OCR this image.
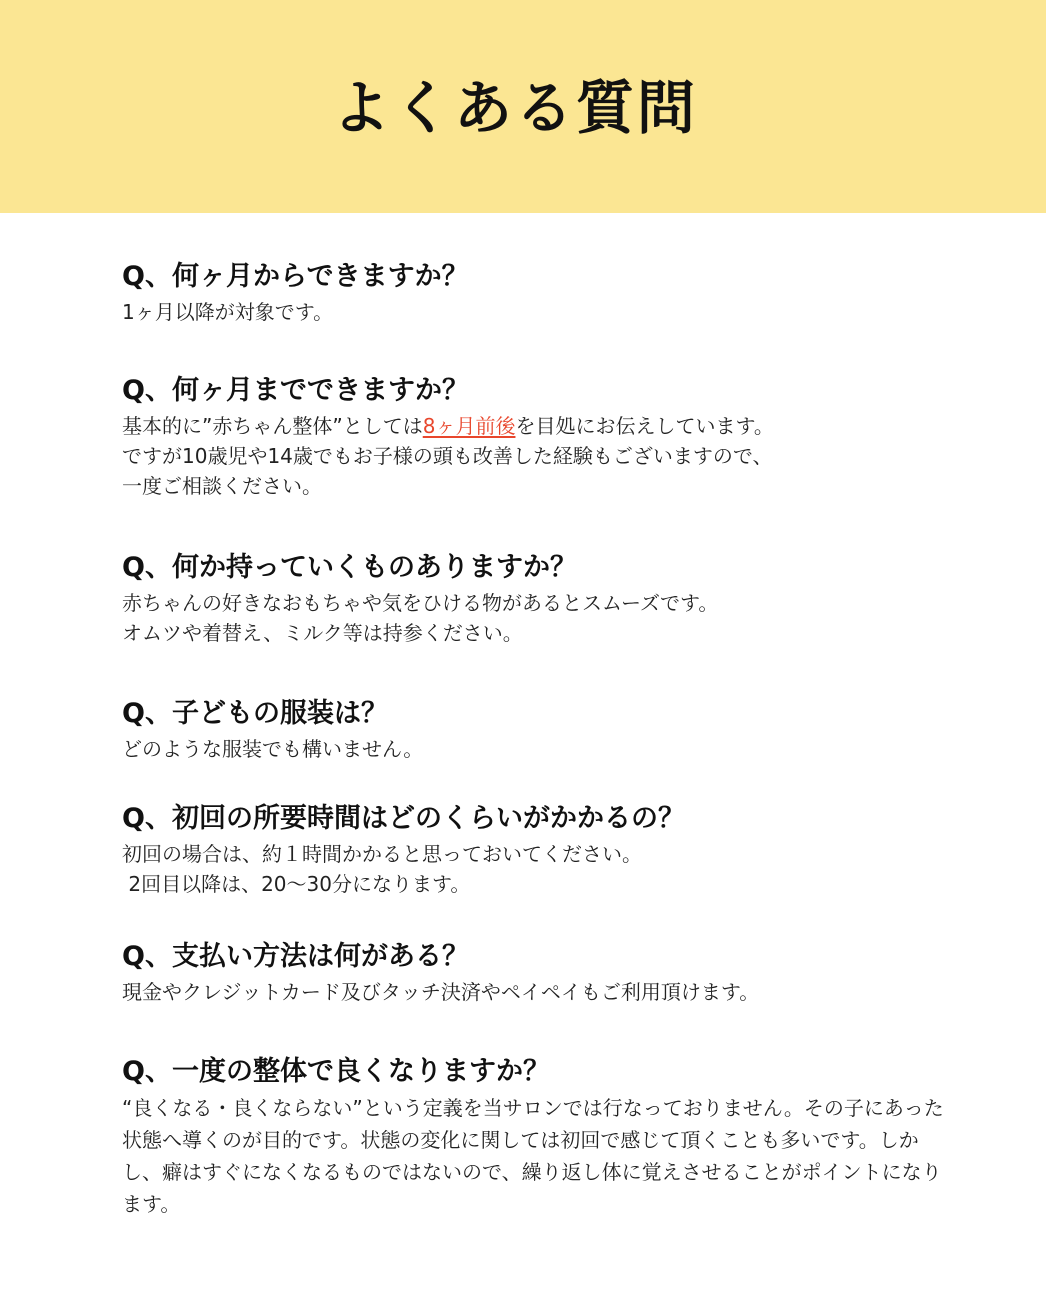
よくある質問

Q、何ヶ月からできますか？

1ヶ月以降が対象です。

Q、何ヶ月までできますか？

基本的に”赤ちゃん整体”としては8ヶ月前後を目処にお伝えしています。
ですが10歳児や14歳でもお子様の頭も改善した経験もございますので、
一度ご相談ください。

Q、何か持っていくものありますか？

赤ちゃんの好きなおもちゃや気をひける物があるとスムーズです。
オムツや着替え、ミルク等は持参ください。

Q、子どもの服装は？

どのような服装でも構いません。

Q、初回の所要時間はどのくらいがかかるの？

初回の場合は、約１時間かかると思っておいてください。
2回目以降は、20〜30分になります。

Q、支払い方法は何がある？

現金やクレジットカード及びタッチ決済やペイペイもご利用頂けます。

Q、一度の整体で良くなりますか？

“良くなる・良くならない”という定義を当サロンでは行なっておりません。その子にあった状態へ導くのが目的です。状態の変化に関しては初回で感じて頂くことも多いです。しかし、癖はすぐになくなるものではないので、繰り返し体に覚えさせることがポイントになります。
